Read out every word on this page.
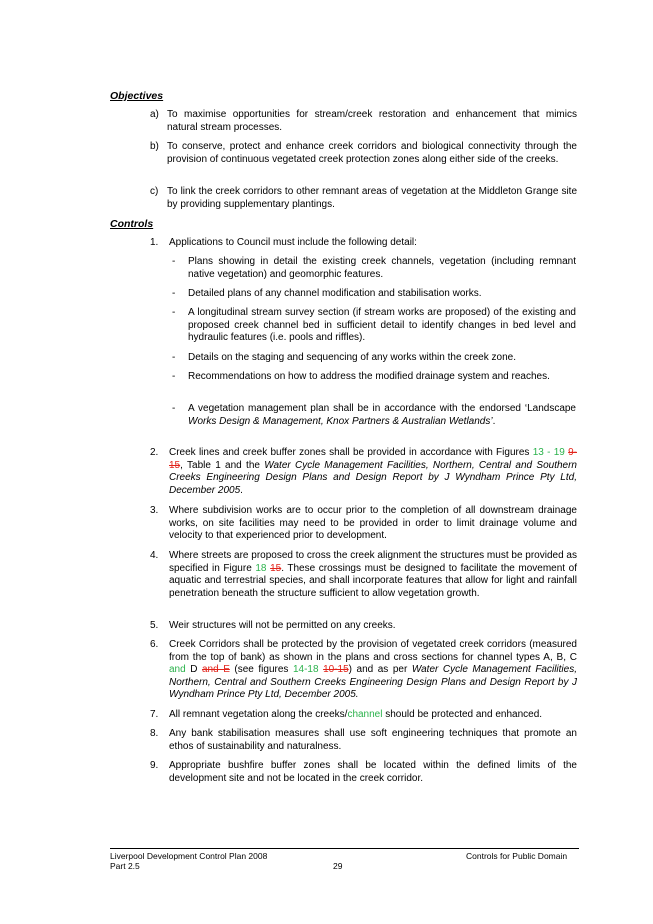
Objectives
a) To maximise opportunities for stream/creek restoration and enhancement that mimics natural stream processes.
b) To conserve, protect and enhance creek corridors and biological connectivity through the provision of continuous vegetated creek protection zones along either side of the creeks.
c) To link the creek corridors to other remnant areas of vegetation at the Middleton Grange site by providing supplementary plantings.
Controls
1. Applications to Council must include the following detail:
- Plans showing in detail the existing creek channels, vegetation (including remnant native vegetation) and geomorphic features.
- Detailed plans of any channel modification and stabilisation works.
- A longitudinal stream survey section (if stream works are proposed) of the existing and proposed creek channel bed in sufficient detail to identify changes in bed level and hydraulic features (i.e. pools and riffles).
- Details on the staging and sequencing of any works within the creek zone.
- Recommendations on how to address the modified drainage system and reaches.
- A vegetation management plan shall be in accordance with the endorsed ‘Landscape Works Design & Management, Knox Partners & Australian Wetlands’.
2. Creek lines and creek buffer zones shall be provided in accordance with Figures 13 - 19 9-15, Table 1 and the Water Cycle Management Facilities, Northern, Central and Southern Creeks Engineering Design Plans and Design Report by J Wyndham Prince Pty Ltd, December 2005.
3. Where subdivision works are to occur prior to the completion of all downstream drainage works, on site facilities may need to be provided in order to limit drainage volume and velocity to that experienced prior to development.
4. Where streets are proposed to cross the creek alignment the structures must be provided as specified in Figure 18 15. These crossings must be designed to facilitate the movement of aquatic and terrestrial species, and shall incorporate features that allow for light and rainfall penetration beneath the structure sufficient to allow vegetation growth.
5. Weir structures will not be permitted on any creeks.
6. Creek Corridors shall be protected by the provision of vegetated creek corridors (measured from the top of bank) as shown in the plans and cross sections for channel types A, B, C and D and E (see figures 14-18 10-15) and as per Water Cycle Management Facilities, Northern, Central and Southern Creeks Engineering Design Plans and Design Report by J Wyndham Prince Pty Ltd, December 2005.
7. All remnant vegetation along the creeks/channel should be protected and enhanced.
8. Any bank stabilisation measures shall use soft engineering techniques that promote an ethos of sustainability and naturalness.
9. Appropriate bushfire buffer zones shall be located within the defined limits of the development site and not be located in the creek corridor.
Liverpool Development Control Plan 2008
Part 2.5	29
Controls for Public Domain
